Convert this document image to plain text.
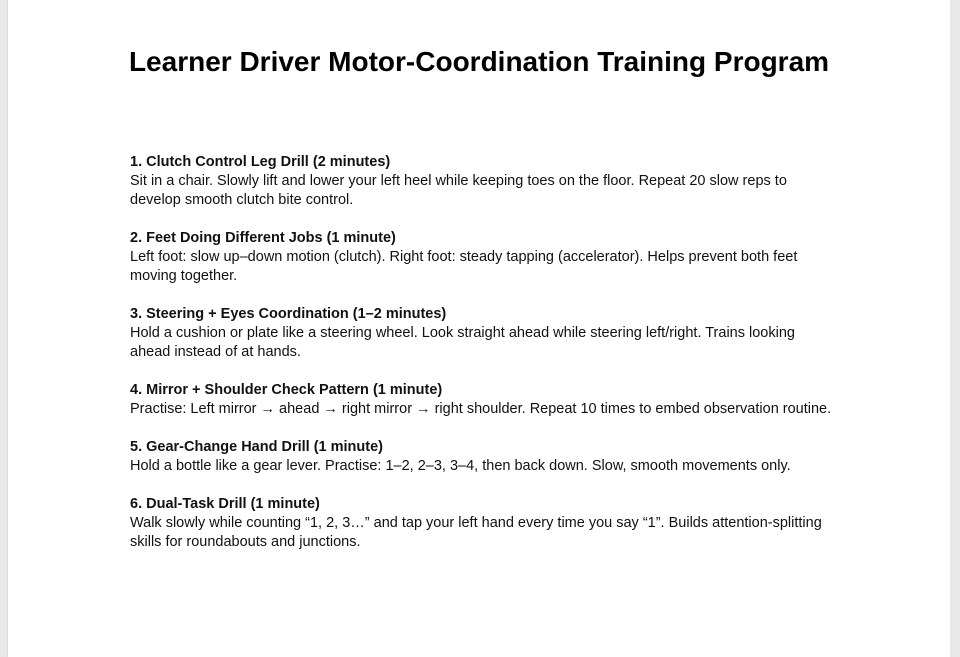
Learner Driver Motor-Coordination Training Program
1. Clutch Control Leg Drill (2 minutes)
Sit in a chair. Slowly lift and lower your left heel while keeping toes on the floor. Repeat 20 slow reps to develop smooth clutch bite control.
2. Feet Doing Different Jobs (1 minute)
Left foot: slow up–down motion (clutch). Right foot: steady tapping (accelerator). Helps prevent both feet moving together.
3. Steering + Eyes Coordination (1–2 minutes)
Hold a cushion or plate like a steering wheel. Look straight ahead while steering left/right. Trains looking ahead instead of at hands.
4. Mirror + Shoulder Check Pattern (1 minute)
Practise: Left mirror → ahead → right mirror → right shoulder. Repeat 10 times to embed observation routine.
5. Gear-Change Hand Drill (1 minute)
Hold a bottle like a gear lever. Practise: 1–2, 2–3, 3–4, then back down. Slow, smooth movements only.
6. Dual-Task Drill (1 minute)
Walk slowly while counting “1, 2, 3…” and tap your left hand every time you say “1”. Builds attention-splitting skills for roundabouts and junctions.
